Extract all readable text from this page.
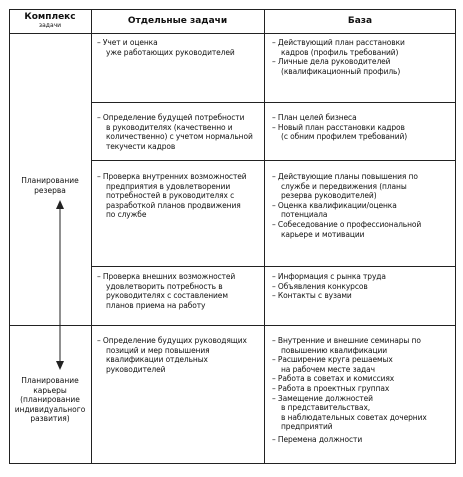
Комплекс
задачи	Отдельные задачи	База
Планирование
резерва
Планирование
карьеры
(планирование
индивидуального
развития)
– Учет и оценка
уже работающих руководителей
– Действующий план расстановки
кадров (профиль требований)
– Личные дела руководителей
(квалификационный профиль)
– Определение будущей потребности
в руководителях (качественно и
количественно) с учетом нормальной
текучести кадров
– План целей бизнеса
– Новый план расстановки кадров
(с обним профилем требований)
– Проверка внутренних возможностей
предприятия в удовлетворении
потребностей в руководителях с
разработкой планов продвижения
по службе
– Действующие планы повышения по
службе и передвижения (планы
резерва руководителей)
– Оценка квалификации/оценка
потенциала
– Собеседование о профессиональной
карьере и мотивации
– Проверка внешних возможностей
удовлетворить потребность в
руководителях с составлением
планов приема на работу
– Информация с рынка труда
– Объявления конкурсов
– Контакты с вузами
– Определение будущих руководящих
позиций и мер повышения
квалификации отдельных
руководителей
– Внутренние и внешние семинары по
повышению квалификации
– Расширение круга решаемых
на рабочем месте задач
– Работа в советах и комиссиях
– Работа в проектных группах
– Замещение должностей
в представительствах,
в наблюдательных советах дочерних
предприятий
– Перемена должности
